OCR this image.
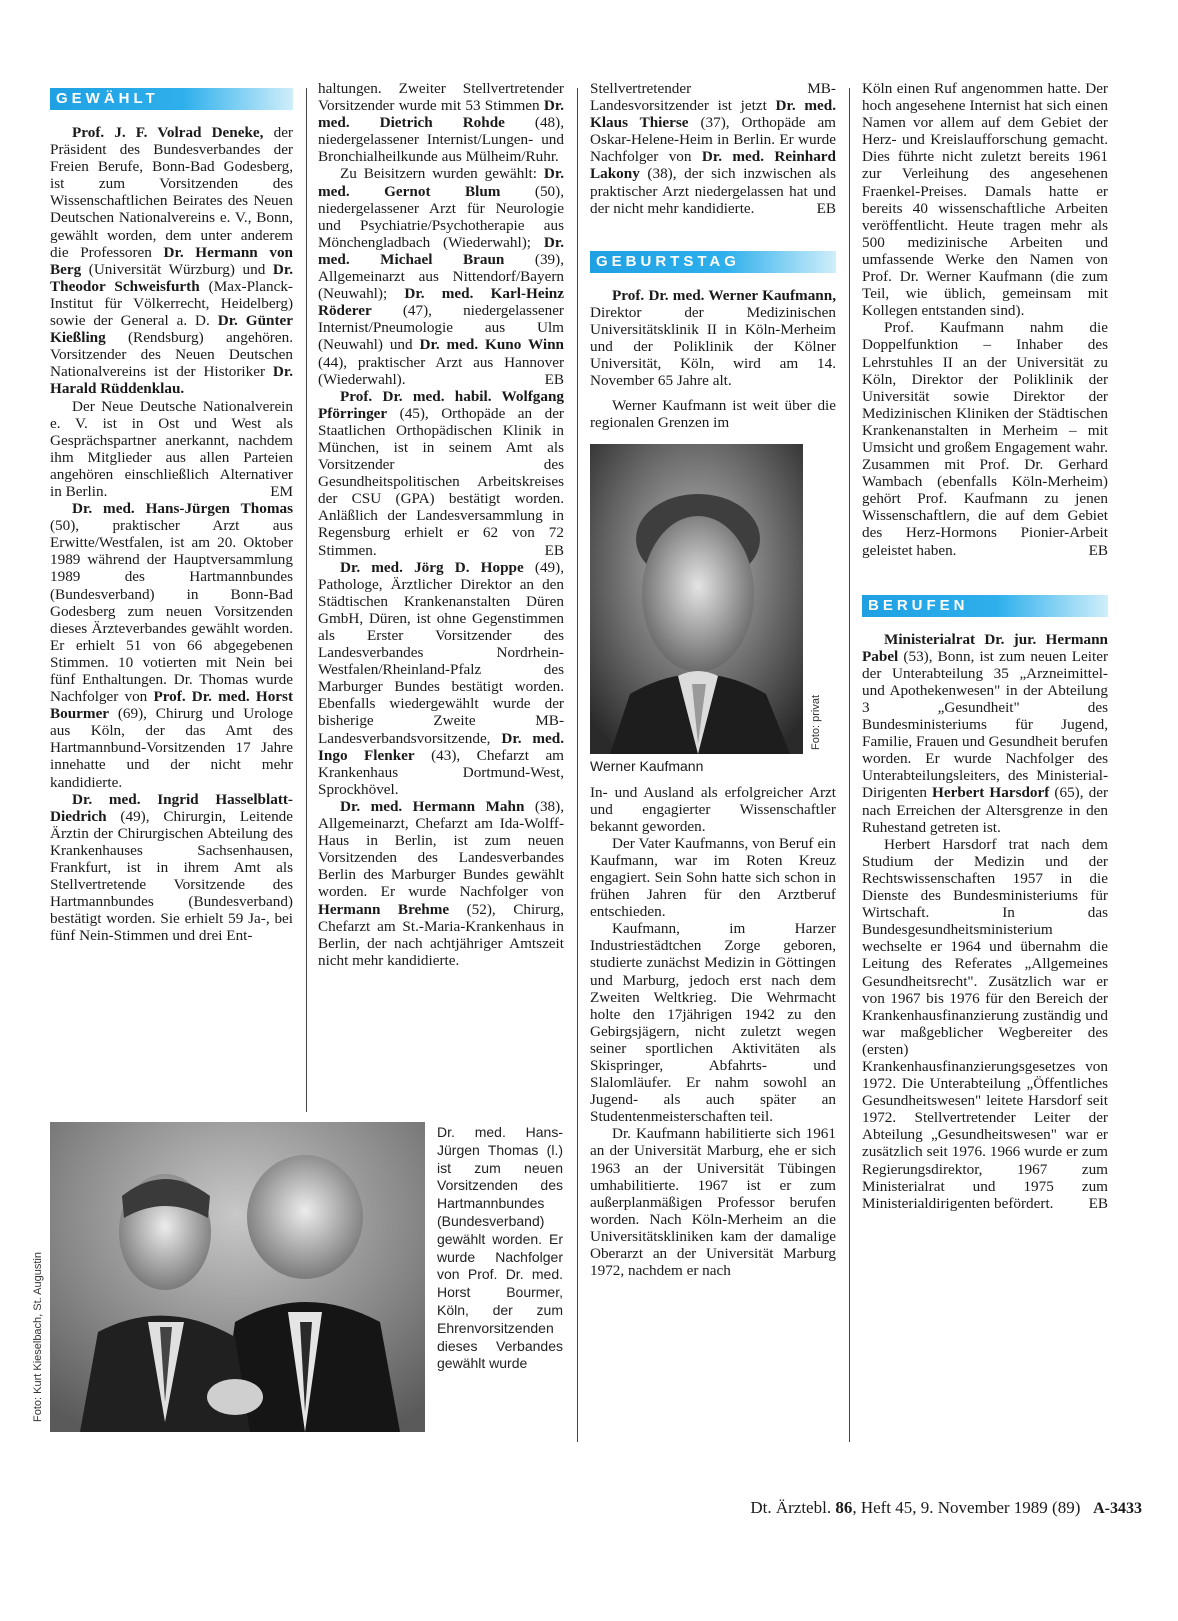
GEWÄHLT

Prof. J. F. Volrad Deneke, der Präsident des Bundesverbandes der Freien Berufe, Bonn-Bad Godesberg, ist zum Vorsitzenden des Wissenschaftlichen Beirates des Neuen Deutschen Nationalvereins e. V., Bonn, gewählt worden, dem unter anderem die Professoren Dr. Hermann von Berg (Universität Würzburg) und Dr. Theodor Schweisfurth (Max-Planck-Institut für Völkerrecht, Heidelberg) sowie der General a. D. Dr. Günter Kießling (Rendsburg) angehören. Vorsitzender des Neuen Deutschen Nationalvereins ist der Historiker Dr. Harald Rüddenklau.

Der Neue Deutsche Nationalverein e. V. ist in Ost und West als Gesprächspartner anerkannt, nachdem ihm Mitglieder aus allen Parteien angehören einschließlich Alternativer in Berlin.	EM

Dr. med. Hans-Jürgen Thomas (50), praktischer Arzt aus Erwitte/Westfalen, ist am 20. Oktober 1989 während der Hauptversammlung 1989 des Hartmannbundes (Bundesverband) in Bonn-Bad Godesberg zum neuen Vorsitzenden dieses Ärzteverbandes gewählt worden. Er erhielt 51 von 66 abgegebenen Stimmen. 10 votierten mit Nein bei fünf Enthaltungen. Dr. Thomas wurde Nachfolger von Prof. Dr. med. Horst Bourmer (69), Chirurg und Urologe aus Köln, der das Amt des Hartmannbund-Vorsitzenden 17 Jahre innehatte und der nicht mehr kandidierte.

Dr. med. Ingrid Hasselblatt-Diedrich (49), Chirurgin, Leitende Ärztin der Chirurgischen Abteilung des Krankenhauses Sachsenhausen, Frankfurt, ist in ihrem Amt als Stellvertretende Vorsitzende des Hartmannbundes (Bundesverband) bestätigt worden. Sie erhielt 59 Ja-, bei fünf Nein-Stimmen und drei Ent-

haltungen. Zweiter Stellvertretender Vorsitzender wurde mit 53 Stimmen Dr. med. Dietrich Rohde (48), niedergelassener Internist/Lungen- und Bronchialheilkunde aus Mülheim/Ruhr.

Zu Beisitzern wurden gewählt: Dr. med. Gernot Blum (50), niedergelassener Arzt für Neurologie und Psychiatrie/Psychotherapie aus Mönchengladbach (Wiederwahl); Dr. med. Michael Braun (39), Allgemeinarzt aus Nittendorf/Bayern (Neuwahl); Dr. med. Karl-Heinz Röderer (47), niedergelassener Internist/Pneumologie aus Ulm (Neuwahl) und Dr. med. Kuno Winn (44), praktischer Arzt aus Hannover (Wiederwahl).	EB

Prof. Dr. med. habil. Wolfgang Pförringer (45), Orthopäde an der Staatlichen Orthopädischen Klinik in München, ist in seinem Amt als Vorsitzender des Gesundheitspolitischen Arbeitskreises der CSU (GPA) bestätigt worden. Anläßlich der Landesversammlung in Regensburg erhielt er 62 von 72 Stimmen.	EB

Dr. med. Jörg D. Hoppe (49), Pathologe, Ärztlicher Direktor an den Städtischen Krankenanstalten Düren GmbH, Düren, ist ohne Gegenstimmen als Erster Vorsitzender des Landesverbandes Nordrhein-Westfalen/Rheinland-Pfalz des Marburger Bundes bestätigt worden. Ebenfalls wiedergewählt wurde der bisherige Zweite MB-Landesverbandsvorsitzende, Dr. med. Ingo Flenker (43), Chefarzt am Krankenhaus Dortmund-West, Sprockhövel.

Dr. med. Hermann Mahn (38), Allgemeinarzt, Chefarzt am Ida-Wolff-Haus in Berlin, ist zum neuen Vorsitzenden des Landesverbandes Berlin des Marburger Bundes gewählt worden. Er wurde Nachfolger von Hermann Brehme (52), Chirurg, Chefarzt am St.-Maria-Krankenhaus in Berlin, der nach achtjähriger Amtszeit nicht mehr kandidierte.

Stellvertretender MB-Landesvorsitzender ist jetzt Dr. med. Klaus Thierse (37), Orthopäde am Oskar-Helene-Heim in Berlin. Er wurde Nachfolger von Dr. med. Reinhard Lakony (38), der sich inzwischen als praktischer Arzt niedergelassen hat und der nicht mehr kandidierte.	EB

GEBURTSTAG

Prof. Dr. med. Werner Kaufmann, Direktor der Medizinischen Universitätsklinik II in Köln-Merheim und der Poliklinik der Kölner Universität, Köln, wird am 14. November 65 Jahre alt.

Werner Kaufmann ist weit über die regionalen Grenzen im

Werner Kaufmann
Foto: privat

In- und Ausland als erfolgreicher Arzt und engagierter Wissenschaftler bekannt geworden.

Der Vater Kaufmanns, von Beruf ein Kaufmann, war im Roten Kreuz engagiert. Sein Sohn hatte sich schon in frühen Jahren für den Arztberuf entschieden.

Kaufmann, im Harzer Industriestädtchen Zorge geboren, studierte zunächst Medizin in Göttingen und Marburg, jedoch erst nach dem Zweiten Weltkrieg. Die Wehrmacht holte den 17jährigen 1942 zu den Gebirgsjägern, nicht zuletzt wegen seiner sportlichen Aktivitäten als Skispringer, Abfahrts- und Slalomläufer. Er nahm sowohl an Jugend- als auch später an Studentenmeisterschaften teil.

Dr. Kaufmann habilitierte sich 1961 an der Universität Marburg, ehe er sich 1963 an der Universität Tübingen umhabilitierte. 1967 ist er zum außerplanmäßigen Professor berufen worden. Nach Köln-Merheim an die Universitätskliniken kam der damalige Oberarzt an der Universität Marburg 1972, nachdem er nach

Köln einen Ruf angenommen hatte. Der hoch angesehene Internist hat sich einen Namen vor allem auf dem Gebiet der Herz- und Kreislaufforschung gemacht. Dies führte nicht zuletzt bereits 1961 zur Verleihung des angesehenen Fraenkel-Preises. Damals hatte er bereits 40 wissenschaftliche Arbeiten veröffentlicht. Heute tragen mehr als 500 medizinische Arbeiten und umfassende Werke den Namen von Prof. Dr. Werner Kaufmann (die zum Teil, wie üblich, gemeinsam mit Kollegen entstanden sind).

Prof. Kaufmann nahm die Doppelfunktion – Inhaber des Lehrstuhles II an der Universität zu Köln, Direktor der Poliklinik der Universität sowie Direktor der Medizinischen Kliniken der Städtischen Krankenanstalten in Merheim – mit Umsicht und großem Engagement wahr. Zusammen mit Prof. Dr. Gerhard Wambach (ebenfalls Köln-Merheim) gehört Prof. Kaufmann zu jenen Wissenschaftlern, die auf dem Gebiet des Herz-Hormons Pionier-Arbeit geleistet haben.	EB

BERUFEN

Ministerialrat Dr. jur. Hermann Pabel (53), Bonn, ist zum neuen Leiter der Unterabteilung 35 „Arzneimittel- und Apothekenwesen" in der Abteilung 3 „Gesundheit" des Bundesministeriums für Jugend, Familie, Frauen und Gesundheit berufen worden. Er wurde Nachfolger des Unterabteilungsleiters, des Ministerial-Dirigenten Herbert Harsdorf (65), der nach Erreichen der Altersgrenze in den Ruhestand getreten ist.

Herbert Harsdorf trat nach dem Studium der Medizin und der Rechtswissenschaften 1957 in die Dienste des Bundesministeriums für Wirtschaft. In das Bundesgesundheitsministerium wechselte er 1964 und übernahm die Leitung des Referates „Allgemeines Gesundheitsrecht". Zusätzlich war er von 1967 bis 1976 für den Bereich der Krankenhausfinanzierung zuständig und war maßgeblicher Wegbereiter des (ersten) Krankenhausfinanzierungsgesetzes von 1972. Die Unterabteilung „Öffentliches Gesundheitswesen" leitete Harsdorf seit 1972. Stellvertretender Leiter der Abteilung „Gesundheitswesen" war er zusätzlich seit 1976. 1966 wurde er zum Regierungsdirektor, 1967 zum Ministerialrat und 1975 zum Ministerialdirigenten befördert.	EB

Foto: Kurt Kieselbach, St. Augustin
Dr. med. Hans-Jürgen Thomas (l.) ist zum neuen Vorsitzenden des Hartmannbundes (Bundesverband) gewählt worden. Er wurde Nachfolger von Prof. Dr. med. Horst Bourmer, Köln, der zum Ehrenvorsitzenden dieses Verbandes gewählt wurde
Dt. Ärztebl. 86, Heft 45, 9. November 1989 (89) A-3433
